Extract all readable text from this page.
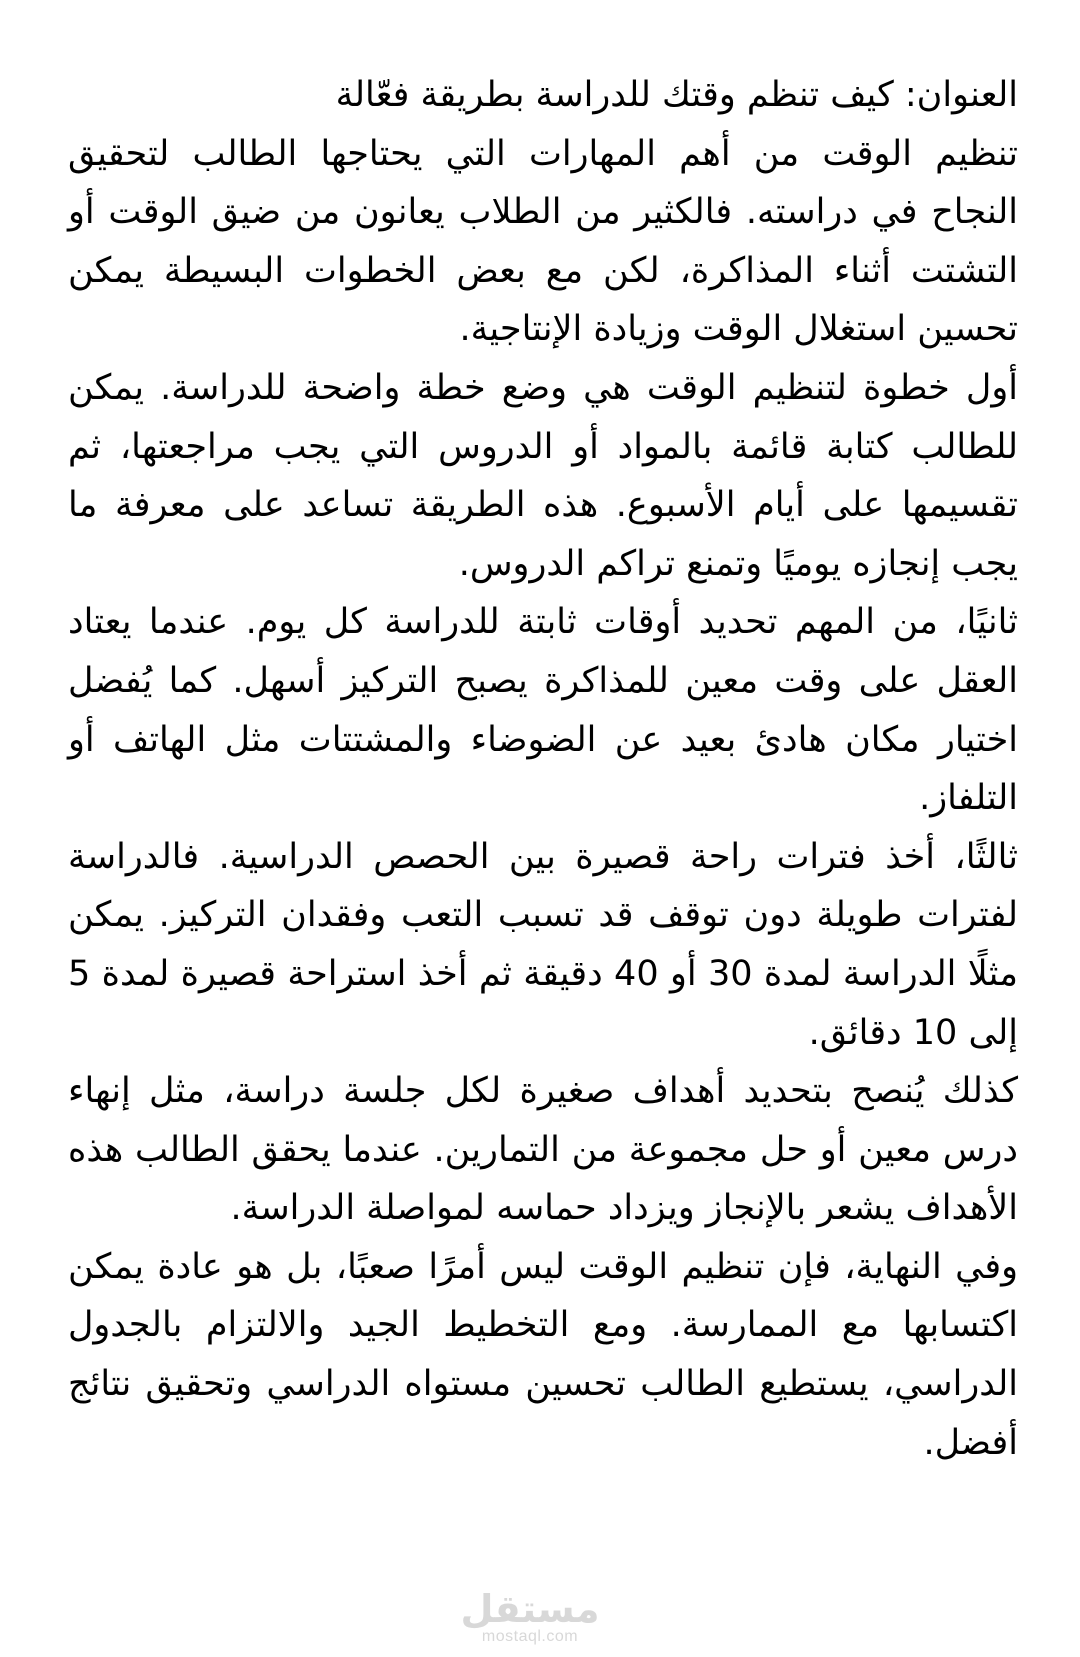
العنوان: كيف تنظم وقتك للدراسة بطريقة فعّالة

تنظيم الوقت من أهم المهارات التي يحتاجها الطالب لتحقيق النجاح في دراسته. فالكثير من الطلاب يعانون من ضيق الوقت أو التشتت أثناء المذاكرة، لكن مع بعض الخطوات البسيطة يمكن تحسين استغلال الوقت وزيادة الإنتاجية.

أول خطوة لتنظيم الوقت هي وضع خطة واضحة للدراسة. يمكن للطالب كتابة قائمة بالمواد أو الدروس التي يجب مراجعتها، ثم تقسيمها على أيام الأسبوع. هذه الطريقة تساعد على معرفة ما يجب إنجازه يوميًا وتمنع تراكم الدروس.

ثانيًا، من المهم تحديد أوقات ثابتة للدراسة كل يوم. عندما يعتاد العقل على وقت معين للمذاكرة يصبح التركيز أسهل. كما يُفضل اختيار مكان هادئ بعيد عن الضوضاء والمشتتات مثل الهاتف أو التلفاز.

ثالثًا، أخذ فترات راحة قصيرة بين الحصص الدراسية. فالدراسة لفترات طويلة دون توقف قد تسبب التعب وفقدان التركيز. يمكن مثلًا الدراسة لمدة 30 أو 40 دقيقة ثم أخذ استراحة قصيرة لمدة 5 إلى 10 دقائق.

كذلك يُنصح بتحديد أهداف صغيرة لكل جلسة دراسة، مثل إنهاء درس معين أو حل مجموعة من التمارين. عندما يحقق الطالب هذه الأهداف يشعر بالإنجاز ويزداد حماسه لمواصلة الدراسة.

وفي النهاية، فإن تنظيم الوقت ليس أمرًا صعبًا، بل هو عادة يمكن اكتسابها مع الممارسة. ومع التخطيط الجيد والالتزام بالجدول الدراسي، يستطيع الطالب تحسين مستواه الدراسي وتحقيق نتائج أفضل.

مستقل
mostaql.com
